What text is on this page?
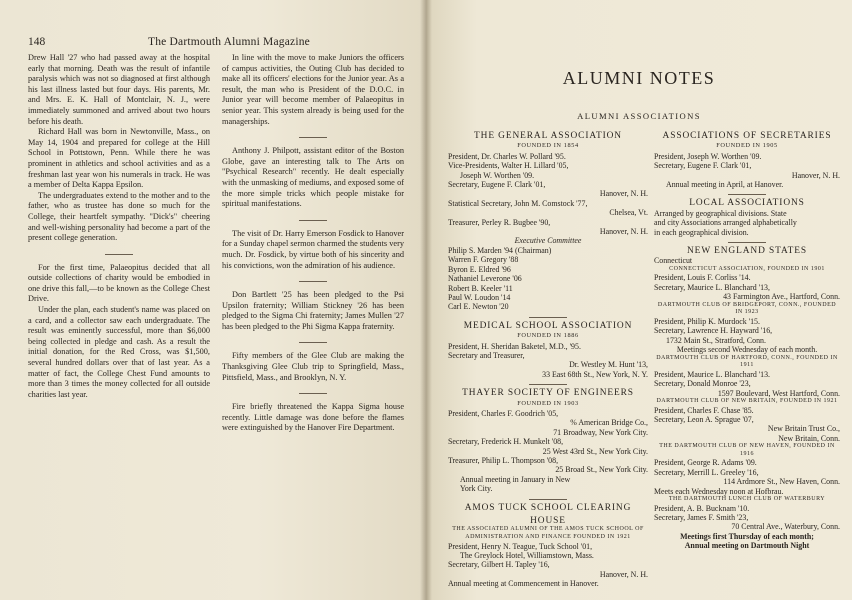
148	The Dartmouth Alumni Magazine

Drew Hall '27 who had passed away at the hospital early that morning. Death was the result of infantile paralysis which was not so diagnosed at first although his last illness lasted but four days. His parents, Mr. and Mrs. E. K. Hall of Montclair, N. J., were immediately summoned and arrived about two hours before his death.

Richard Hall was born in Newtonville, Mass., on May 14, 1904 and prepared for college at the Hill School in Pottstown, Penn. While there he was prominent in athletics and school activities and as a freshman last year won his numerals in track. He was a member of Delta Kappa Epsilon.

The undergraduates extend to the mother and to the father, who as trustee has done so much for the College, their heartfelt sympathy. "Dick's" cheering and well-wishing personality had become a part of the present college generation.

For the first time, Palaeopitus decided that all outside collections of charity would be embodied in one drive this fall,—to be known as the College Chest Drive.

Under the plan, each student's name was placed on a card, and a collector saw each undergraduate. The result was eminently successful, more than $6,000 being collected in pledge and cash. As a result the initial donation, for the Red Cross, was $1,500, several hundred dollars over that of last year. As a matter of fact, the College Chest Fund amounts to more than 3 times the money collected for all outside charities last year.

In line with the move to make Juniors the officers of campus activities, the Outing Club has decided to make all its officers' elections for the Junior year. As a result, the man who is President of the D.O.C. in Junior year will become member of Palaeopitus in senior year. This system already is being used for the managerships.

Anthony J. Philpott, assistant editor of the Boston Globe, gave an interesting talk to The Arts on "Psychical Research" recently. He dealt especially with the unmasking of mediums, and exposed some of the more simple tricks which people mistake for spiritual manifestations.

The visit of Dr. Harry Emerson Fosdick to Hanover for a Sunday chapel sermon charmed the students very much. Dr. Fosdick, by virtue both of his sincerity and his convictions, won the admiration of his audience.

Don Bartlett '25 has been pledged to the Psi Upsilon fraternity; William Stickney '26 has been pledged to the Sigma Chi fraternity; James Mullen '27 has been pledged to the Phi Sigma Kappa fraternity.

Fifty members of the Glee Club are making the Thanksgiving Glee Club trip to Springfield, Mass., Pittsfield, Mass., and Brooklyn, N. Y.

Fire briefly threatened the Kappa Sigma house recently. Little damage was done before the flames were extinguished by the Hanover Fire Department.

ALUMNI NOTES
ALUMNI ASSOCIATIONS
THE GENERAL ASSOCIATION
FOUNDED IN 1854
President, Dr. Charles W. Pollard '95.
Vice-Presidents, Walter H. Lillard '05,
Joseph W. Worthen '09.
Secretary, Eugene F. Clark '01,
Hanover, N. H.
Statistical Secretary, John M. Comstock '77,
Chelsea, Vt.
Treasurer, Perley R. Bugbee '90,
Hanover, N. H.
Executive Committee
Philip S. Marden '94 (Chairman)
Warren F. Gregory '88
Byron E. Eldred '96
Nathaniel Leverone '06
Robert B. Keeler '11
Paul W. Loudon '14
Carl E. Newton '20
MEDICAL SCHOOL ASSOCIATION
FOUNDED IN 1886
President, H. Sheridan Baketel, M.D., '95.
Secretary and Treasurer,
Dr. Westley M. Hunt '13,
33 East 68th St., New York, N. Y.
THAYER SOCIETY OF ENGINEERS
FOUNDED IN 1903
President, Charles F. Goodrich '05,
% American Bridge Co.,
71 Broadway, New York City.
Secretary, Frederick H. Munkelt '08,
25 West 43rd St., New York City.
Treasurer, Philip L. Thompson '08,
25 Broad St., New York City.
Annual meeting in January in New
York City.
AMOS TUCK SCHOOL CLEARING
HOUSE
THE ASSOCIATED ALUMNI OF THE AMOS TUCK SCHOOL OF ADMINISTRATION AND FINANCE FOUNDED IN 1921
President, Henry N. Teague, Tuck School '01,
The Greylock Hotel, Williamstown, Mass.
Secretary, Gilbert H. Tapley '16,
Hanover, N. H.
Annual meeting at Commencement in Hanover.
ASSOCIATIONS OF SECRETARIES
FOUNDED IN 1905
President, Joseph W. Worthen '09.
Secretary, Eugene F. Clark '01,
Hanover, N. H.
Annual meeting in April, at Hanover.
LOCAL ASSOCIATIONS
Arranged by geographical divisions. State
and city Associations arranged alphabetically
in each geographical division.
NEW ENGLAND STATES
Connecticut
CONNECTICUT ASSOCIATION, FOUNDED IN 1901
President, Louis F. Corliss '14.
Secretary, Maurice L. Blanchard '13,
43 Farmington Ave., Hartford, Conn.
DARTMOUTH CLUB OF BRIDGEPORT, CONN., FOUNDED IN 1923
President, Philip K. Murdock '15.
Secretary, Lawrence H. Hayward '16,
1732 Main St., Stratford, Conn.
Meetings second Wednesday of each month.
DARTMOUTH CLUB OF HARTFORD, CONN., FOUNDED IN 1911
President, Maurice L. Blanchard '13.
Secretary, Donald Monroe '23,
1597 Boulevard, West Hartford, Conn.
DARTMOUTH CLUB OF NEW BRITAIN, FOUNDED IN 1921
President, Charles F. Chase '85.
Secretary, Leon A. Sprague '07,
New Britain Trust Co.,
New Britain, Conn.
THE DARTMOUTH CLUB OF NEW HAVEN, FOUNDED IN 1916
President, George R. Adams '09.
Secretary, Merrill L. Greeley '16,
114 Ardmore St., New Haven, Conn.
Meets each Wednesday noon at Hofbrau.
THE DARTMOUTH LUNCH CLUB OF WATERBURY
President, A. B. Bucknam '10.
Secretary, James F. Smith '23,
70 Central Ave., Waterbury, Conn.
Meetings first Thursday of each month;
Annual meeting on Dartmouth Night
